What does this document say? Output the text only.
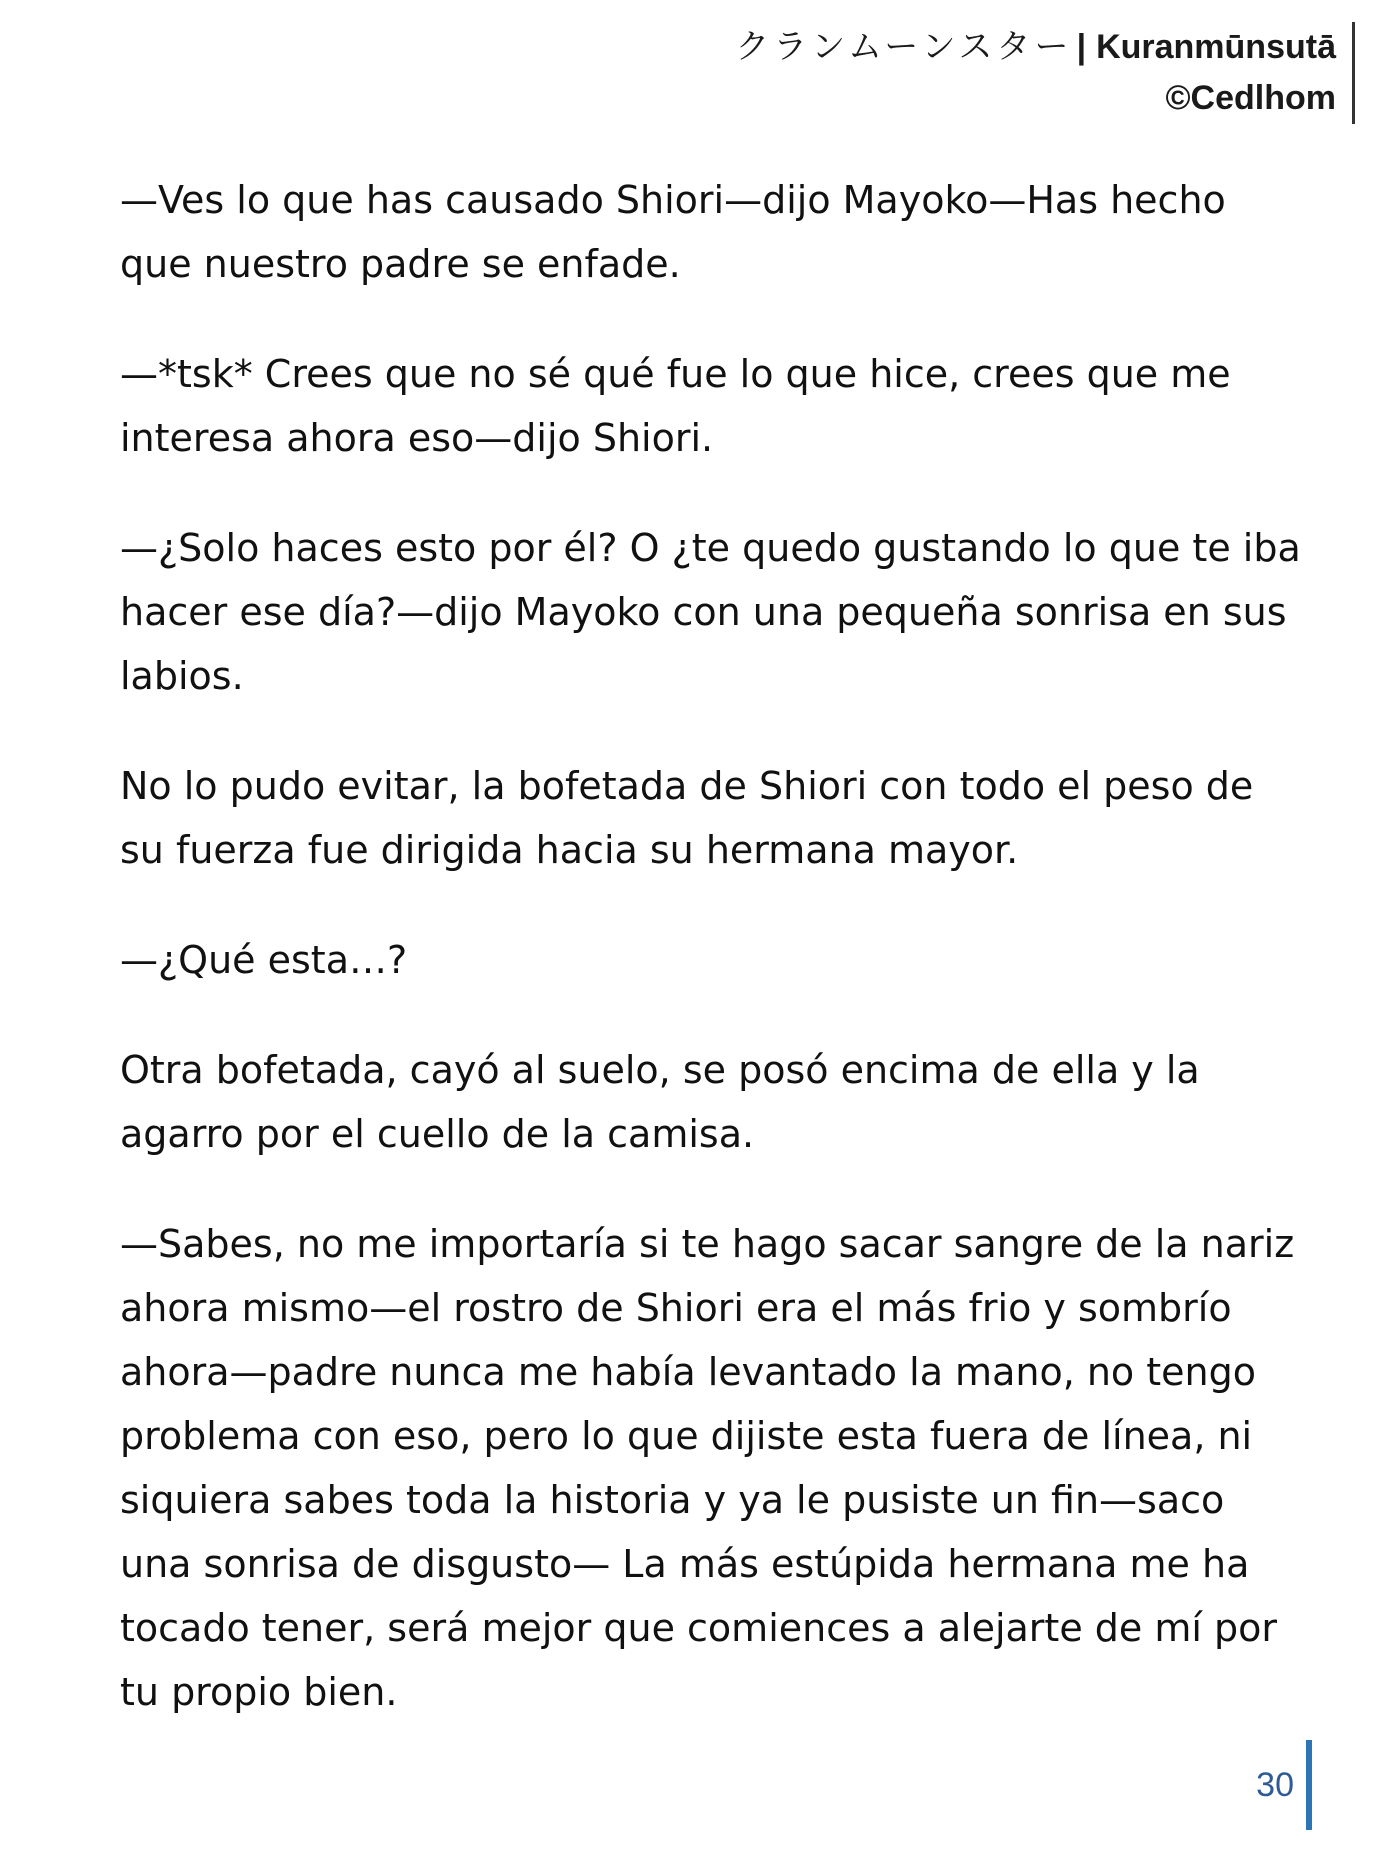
クランムーンスター | Kuranmūnsutā
©Cedlhom

—Ves lo que has causado Shiori—dijo Mayoko—Has hecho que nuestro padre se enfade.

—*tsk* Crees que no sé qué fue lo que hice, crees que me interesa ahora eso—dijo Shiori.

—¿Solo haces esto por él? O ¿te quedo gustando lo que te iba hacer ese día?—dijo Mayoko con una pequeña sonrisa en sus labios.

No lo pudo evitar, la bofetada de Shiori con todo el peso de su fuerza fue dirigida hacia su hermana mayor.

—¿Qué esta…?

Otra bofetada, cayó al suelo, se posó encima de ella y la agarro por el cuello de la camisa.

—Sabes, no me importaría si te hago sacar sangre de la nariz ahora mismo—el rostro de Shiori era el más frio y sombrío ahora—padre nunca me había levantado la mano, no tengo problema con eso, pero lo que dijiste esta fuera de línea, ni siquiera sabes toda la historia y ya le pusiste un fin—saco una sonrisa de disgusto— La más estúpida hermana me ha tocado tener, será mejor que comiences a alejarte de mí por tu propio bien.

30
